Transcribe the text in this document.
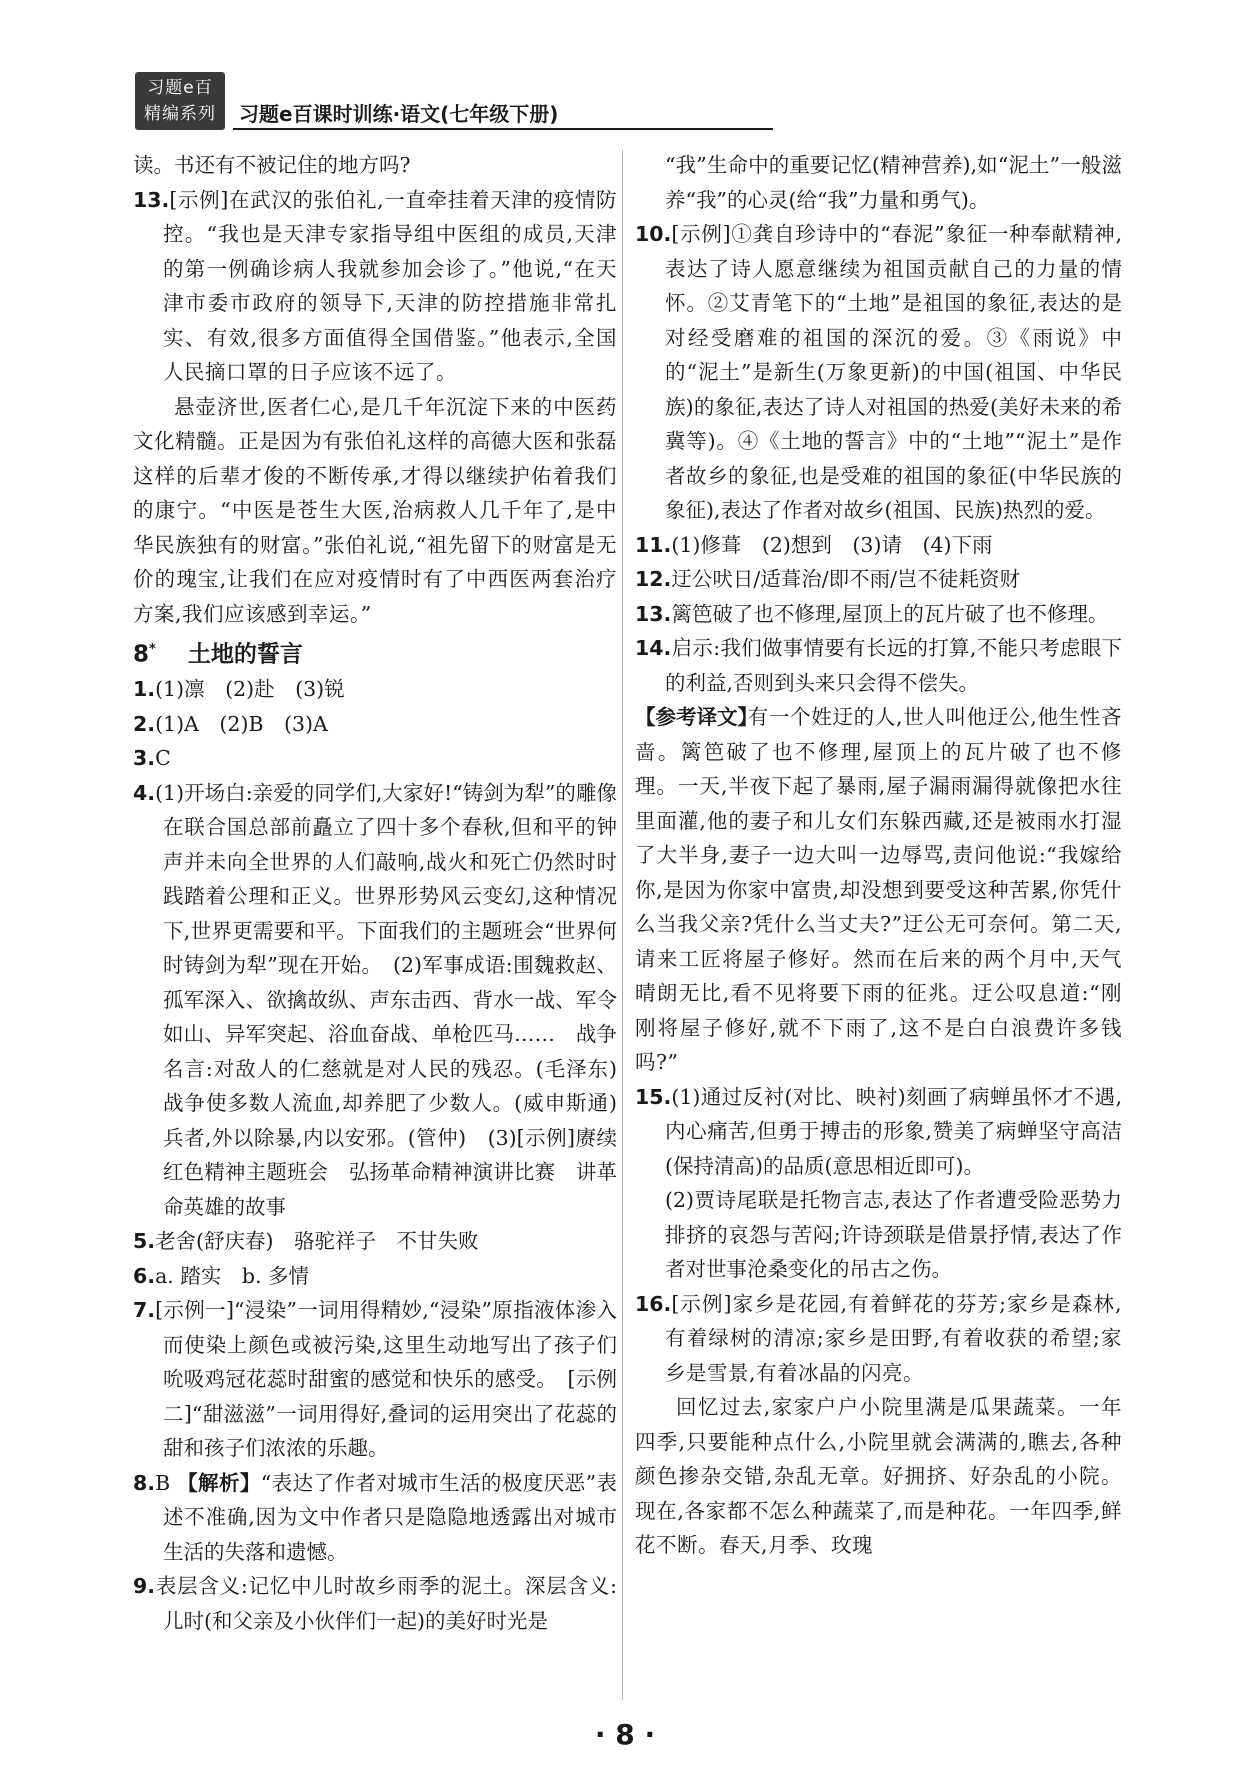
习题e百
精编系列	习题e百课时训练·语文(七年级下册)

读。书还有不被记住的地方吗?

13.[示例]在武汉的张伯礼,一直牵挂着天津的疫情防控。“我也是天津专家指导组中医组的成员,天津的第一例确诊病人我就参加会诊了。”他说,“在天津市委市政府的领导下,天津的防控措施非常扎实、有效,很多方面值得全国借鉴。”他表示,全国人民摘口罩的日子应该不远了。

悬壶济世,医者仁心,是几千年沉淀下来的中医药文化精髓。正是因为有张伯礼这样的高德大医和张磊这样的后辈才俊的不断传承,才得以继续护佑着我们的康宁。“中医是苍生大医,治病救人几千年了,是中华民族独有的财富。”张伯礼说,“祖先留下的财富是无价的瑰宝,让我们在应对疫情时有了中西医两套治疗方案,我们应该感到幸运。”

8* 土地的誓言

1.(1)凛　(2)赴　(3)锐

2.(1)A　(2)B　(3)A

3.C

4.(1)开场白:亲爱的同学们,大家好!“铸剑为犁”的雕像在联合国总部前矗立了四十多个春秋,但和平的钟声并未向全世界的人们敲响,战火和死亡仍然时时践踏着公理和正义。世界形势风云变幻,这种情况下,世界更需要和平。下面我们的主题班会“世界何时铸剑为犁”现在开始。　(2)军事成语:围魏救赵、孤军深入、欲擒故纵、声东击西、背水一战、军令如山、异军突起、浴血奋战、单枪匹马……　战争名言:对敌人的仁慈就是对人民的残忍。(毛泽东)　战争使多数人流血,却养肥了少数人。(威申斯通)　兵者,外以除暴,内以安邪。(管仲)　(3)[示例]赓续红色精神主题班会　弘扬革命精神演讲比赛　讲革命英雄的故事

5.老舍(舒庆春)　骆驼祥子　不甘失败

6.a. 踏实　b. 多情

7.[示例一]“浸染”一词用得精妙,“浸染”原指液体渗入而使染上颜色或被污染,这里生动地写出了孩子们吮吸鸡冠花蕊时甜蜜的感觉和快乐的感受。　[示例二]“甜滋滋”一词用得好,叠词的运用突出了花蕊的甜和孩子们浓浓的乐趣。

8.B 【解析】“表达了作者对城市生活的极度厌恶”表述不准确,因为文中作者只是隐隐地透露出对城市生活的失落和遗憾。

9.表层含义:记忆中儿时故乡雨季的泥土。深层含义:儿时(和父亲及小伙伴们一起)的美好时光是

“我”生命中的重要记忆(精神营养),如“泥土”一般滋养“我”的心灵(给“我”力量和勇气)。

10.[示例]①龚自珍诗中的“春泥”象征一种奉献精神,表达了诗人愿意继续为祖国贡献自己的力量的情怀。②艾青笔下的“土地”是祖国的象征,表达的是对经受磨难的祖国的深沉的爱。③《雨说》中的“泥土”是新生(万象更新)的中国(祖国、中华民族)的象征,表达了诗人对祖国的热爱(美好未来的希冀等)。④《土地的誓言》中的“土地”“泥土”是作者故乡的象征,也是受难的祖国的象征(中华民族的象征),表达了作者对故乡(祖国、民族)热烈的爱。

11.(1)修葺　(2)想到　(3)请　(4)下雨

12.迂公吠日/适葺治/即不雨/岂不徒耗资财

13.篱笆破了也不修理,屋顶上的瓦片破了也不修理。

14.启示:我们做事情要有长远的打算,不能只考虑眼下的利益,否则到头来只会得不偿失。

【参考译文】

有一个姓迂的人,世人叫他迂公,他生性吝啬。篱笆破了也不修理,屋顶上的瓦片破了也不修理。一天,半夜下起了暴雨,屋子漏雨漏得就像把水往里面灌,他的妻子和儿女们东躲西藏,还是被雨水打湿了大半身,妻子一边大叫一边辱骂,责问他说:“我嫁给你,是因为你家中富贵,却没想到要受这种苦累,你凭什么当我父亲?凭什么当丈夫?”迂公无可奈何。第二天,请来工匠将屋子修好。然而在后来的两个月中,天气晴朗无比,看不见将要下雨的征兆。迂公叹息道:“刚刚将屋子修好,就不下雨了,这不是白白浪费许多钱吗?”

15.(1)通过反衬(对比、映衬)刻画了病蝉虽怀才不遇,内心痛苦,但勇于搏击的形象,赞美了病蝉坚守高洁(保持清高)的品质(意思相近即可)。

(2)贾诗尾联是托物言志,表达了作者遭受险恶势力排挤的哀怨与苦闷;许诗颈联是借景抒情,表达了作者对世事沧桑变化的吊古之伤。

16.[示例]家乡是花园,有着鲜花的芬芳;家乡是森林,有着绿树的清凉;家乡是田野,有着收获的希望;家乡是雪景,有着冰晶的闪亮。

回忆过去,家家户户小院里满是瓜果蔬菜。一年四季,只要能种点什么,小院里就会满满的,瞧去,各种颜色掺杂交错,杂乱无章。好拥挤、好杂乱的小院。现在,各家都不怎么种蔬菜了,而是种花。一年四季,鲜花不断。春天,月季、玫瑰

· 8 ·
